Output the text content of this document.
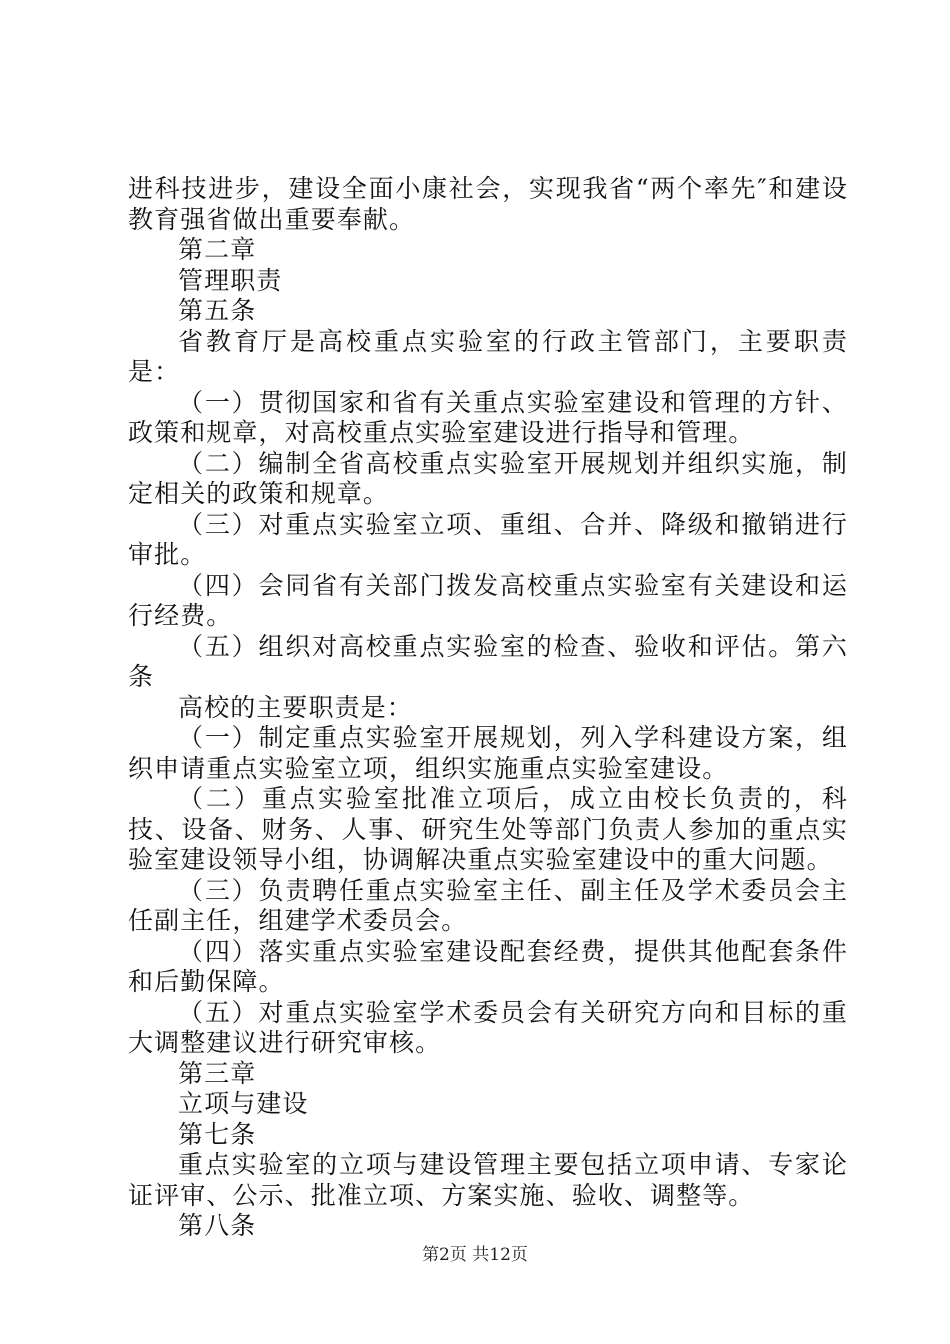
进科技进步，建设全面小康社会，实现我省“两个率先″和建设教育强省做出重要奉献。

第二章

管理职责

第五条

省教育厅是高校重点实验室的行政主管部门，主要职责是：

（一）贯彻国家和省有关重点实验室建设和管理的方针、政策和规章，对高校重点实验室建设进行指导和管理。

（二）编制全省高校重点实验室开展规划并组织实施，制定相关的政策和规章。

（三）对重点实验室立项、重组、合并、降级和撤销进行审批。

（四）会同省有关部门拨发高校重点实验室有关建设和运行经费。

（五）组织对高校重点实验室的检查、验收和评估。第六条

高校的主要职责是：

（一）制定重点实验室开展规划，列入学科建设方案，组织申请重点实验室立项，组织实施重点实验室建设。

（二）重点实验室批准立项后，成立由校长负责的，科技、设备、财务、人事、研究生处等部门负责人参加的重点实验室建设领导小组，协调解决重点实验室建设中的重大问题。

（三）负责聘任重点实验室主任、副主任及学术委员会主任副主任，组建学术委员会。

（四）落实重点实验室建设配套经费，提供其他配套条件和后勤保障。

（五）对重点实验室学术委员会有关研究方向和目标的重大调整建议进行研究审核。

第三章

立项与建设

第七条

重点实验室的立项与建设管理主要包括立项申请、专家论证评审、公示、批准立项、方案实施、验收、调整等。

第八条

第2页 共12页
